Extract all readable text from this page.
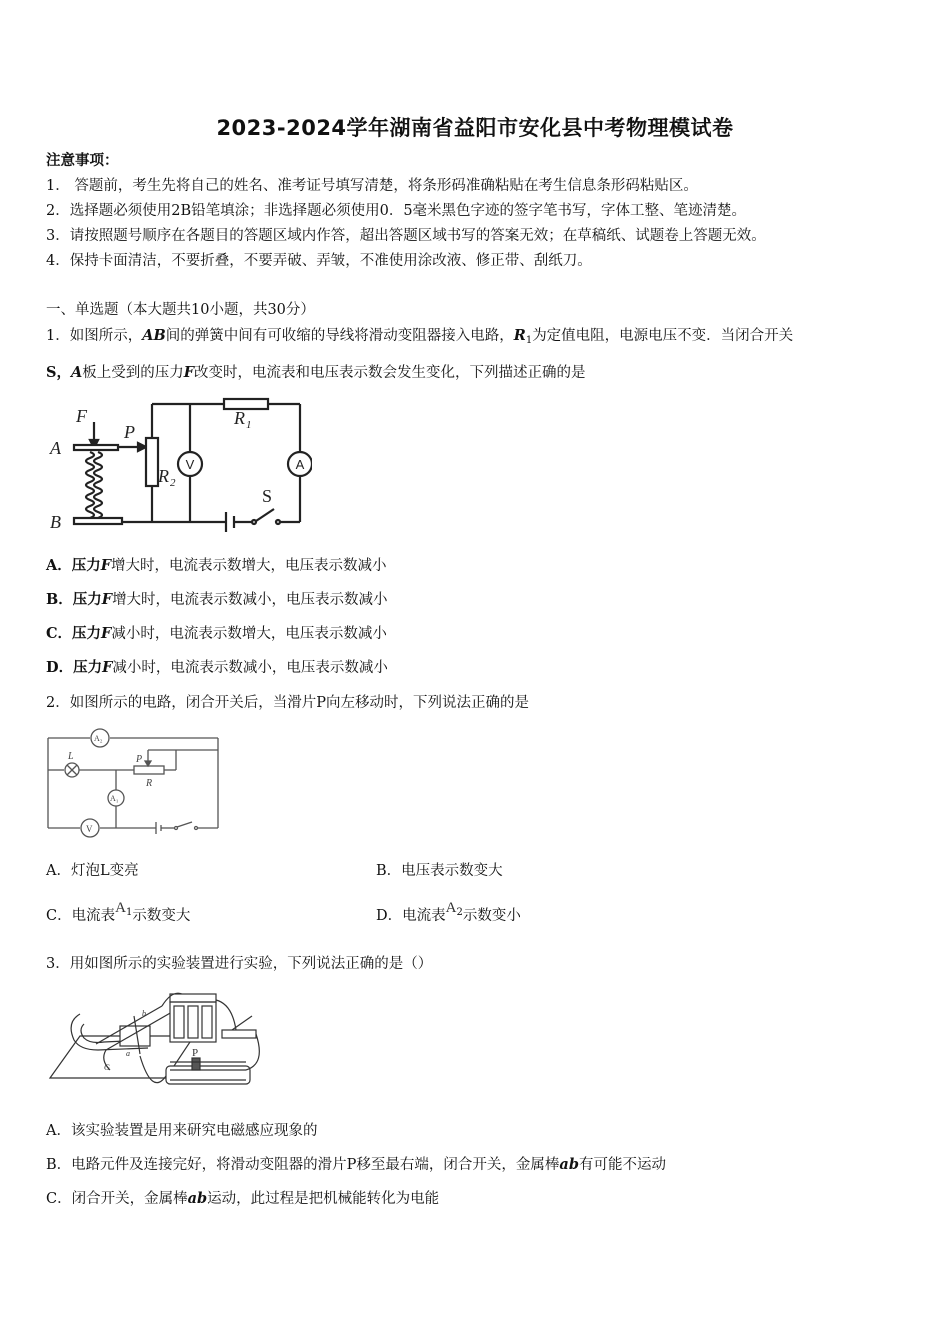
2023-2024学年湖南省益阳市安化县中考物理模试卷
注意事项：
1． 答题前，考生先将自己的姓名、准考证号填写清楚，将条形码准确粘贴在考生信息条形码粘贴区。
2．选择题必须使用2B铅笔填涂；非选择题必须使用0．5毫米黑色字迹的签字笔书写，字体工整、笔迹清楚。
3．请按照题号顺序在各题目的答题区域内作答，超出答题区域书写的答案无效；在草稿纸、试题卷上答题无效。
4．保持卡面清洁，不要折叠，不要弄破、弄皱，不准使用涂改液、修正带、刮纸刀。
一、单选题（本大题共10小题，共30分）
1．如图所示，AB间的弹簧中间有可收缩的导线将滑动变阻器接入电路，$R_1$为定值电阻，电源电压不变．当闭合开关
S，A板上受到的压力F改变时，电流表和电压表示数会发生变化，下列描述正确的是
F
A
B
P
R 1
R 2
S
V	A
A．压力F增大时，电流表示数增大，电压表示数减小
B．压力F增大时，电流表示数减小，电压表示数减小
C．压力F减小时，电流表示数增大，电压表示数减小
D．压力F减小时，电流表示数减小，电压表示数减小
2．如图所示的电路，闭合开关后，当滑片P向左移动时，下列说法正确的是
A₂
L	P
R
A₁
V
A．灯泡L变亮	B．电压表示数变大
C．电流表$A^1$示数变大	D．电流表$A^2$示数变小
3．用如图所示的实验装置进行实验，下列说法正确的是（）
b
a
G
P
A．该实验装置是用来研究电磁感应现象的
B．电路元件及连接完好，将滑动变阻器的滑片P移至最右端，闭合开关，金属棒ab有可能不运动
C．闭合开关，金属棒ab运动，此过程是把机械能转化为电能
